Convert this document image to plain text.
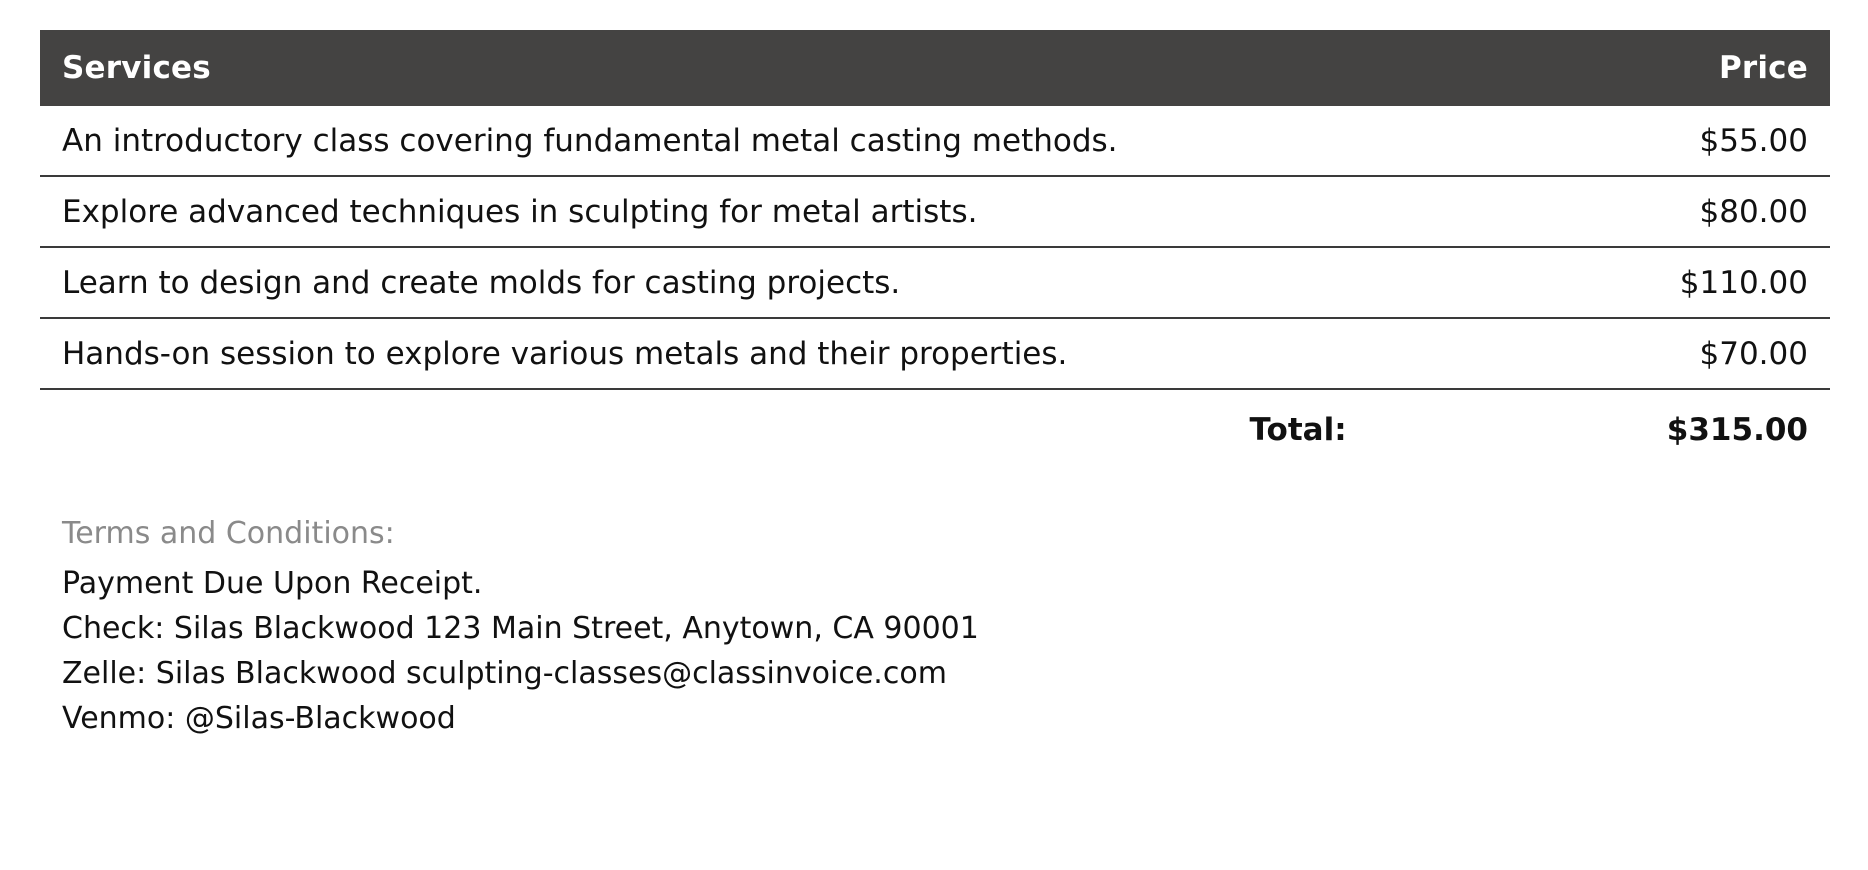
Services	Price
An introductory class covering fundamental metal casting methods.	$55.00
Explore advanced techniques in sculpting for metal artists.	$80.00
Learn to design and create molds for casting projects.	$110.00
Hands-on session to explore various metals and their properties.	$70.00
Total:	$315.00
Terms and Conditions:
Payment Due Upon Receipt.
Check: Silas Blackwood 123 Main Street, Anytown, CA 90001
Zelle: Silas Blackwood sculpting-classes@classinvoice.com
Venmo: @Silas-Blackwood
